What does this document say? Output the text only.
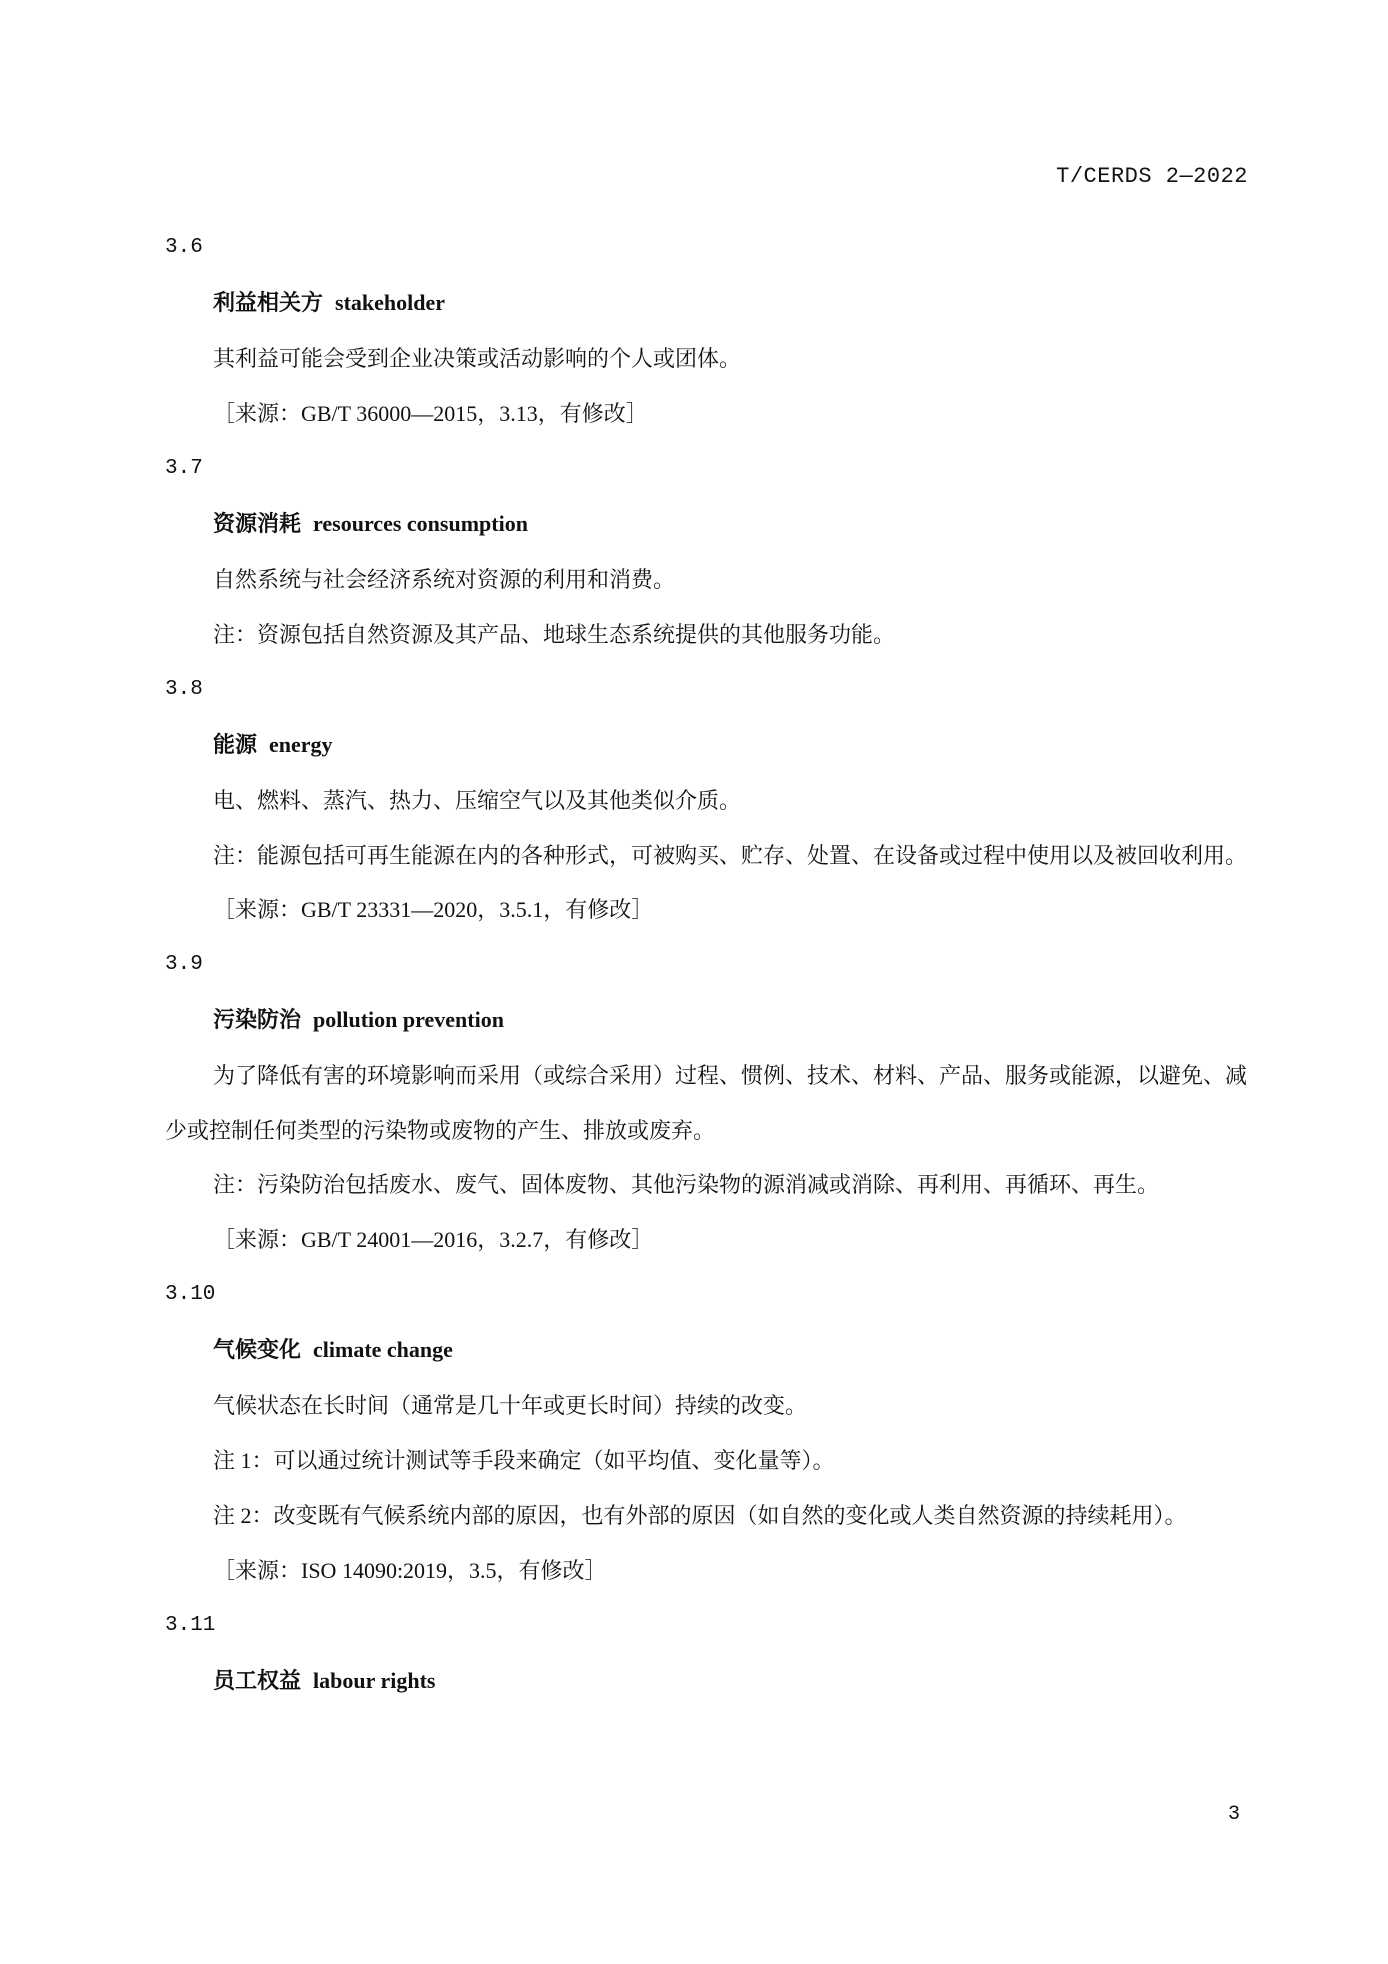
T/CERDS 2—2022
3.6
利益相关方 stakeholder
其利益可能会受到企业决策或活动影响的个人或团体。
［来源：GB/T 36000—2015，3.13，有修改］
3.7
资源消耗 resources consumption
自然系统与社会经济系统对资源的利用和消费。
注：资源包括自然资源及其产品、地球生态系统提供的其他服务功能。
3.8
能源 energy
电、燃料、蒸汽、热力、压缩空气以及其他类似介质。
注：能源包括可再生能源在内的各种形式，可被购买、贮存、处置、在设备或过程中使用以及被回收利用。
［来源：GB/T 23331—2020，3.5.1，有修改］
3.9
污染防治 pollution prevention
为了降低有害的环境影响而采用（或综合采用）过程、惯例、技术、材料、产品、服务或能源，以避免、减少或控制任何类型的污染物或废物的产生、排放或废弃。
注：污染防治包括废水、废气、固体废物、其他污染物的源消减或消除、再利用、再循环、再生。
［来源：GB/T 24001—2016，3.2.7，有修改］
3.10
气候变化 climate change
气候状态在长时间（通常是几十年或更长时间）持续的改变。
注 1：可以通过统计测试等手段来确定（如平均值、变化量等）。
注 2：改变既有气候系统内部的原因，也有外部的原因（如自然的变化或人类自然资源的持续耗用）。
［来源：ISO 14090:2019，3.5，有修改］
3.11
员工权益 labour rights
3
